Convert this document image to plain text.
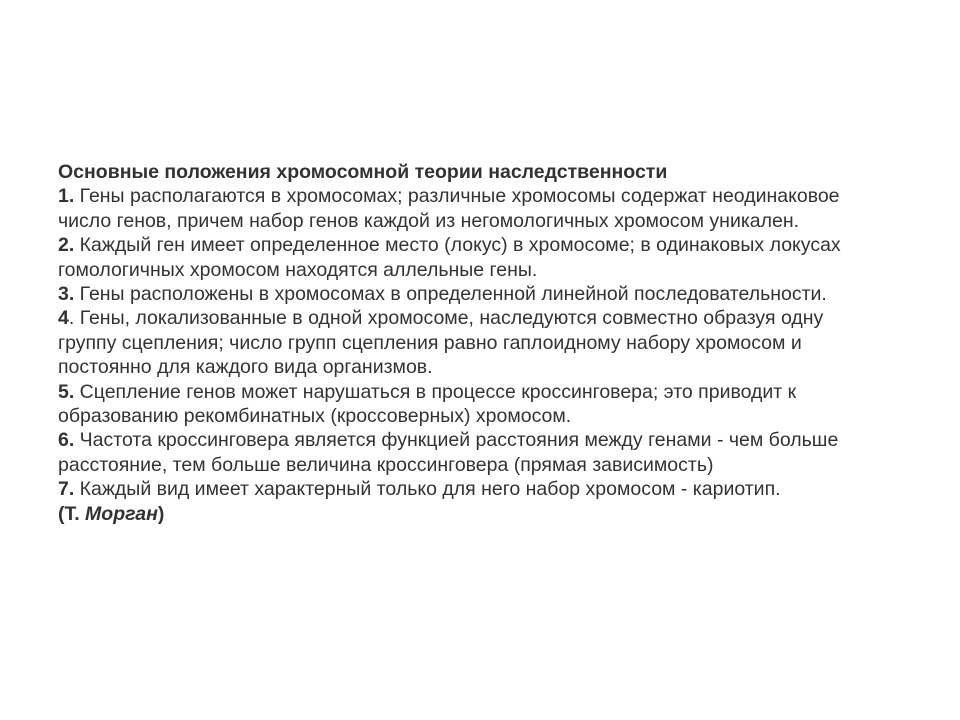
Основные положения хромосомной теории наследственности
1. Гены располагаются в хромосомах; различные хромосомы содержат неодинаковое
число генов, причем набор генов каждой из негомологичных хромосом уникален.
2. Каждый ген имеет определенное место (локус) в хромосоме; в одинаковых локусах
гомологичных хромосом находятся аллельные гены.
3. Гены расположены в хромосомах в определенной линейной последовательности.
4. Гены, локализованные в одной хромосоме, наследуются совместно образуя одну
группу сцепления; число групп сцепления равно гаплоидному набору хромосом и
постоянно для каждого вида организмов.
5. Сцепление генов может нарушаться в процессе кроссинговера; это приводит к
образованию рекомбинатных (кроссоверных) хромосом.
6. Частота кроссинговера является функцией расстояния между генами - чем больше
расстояние, тем больше величина кроссинговера (прямая зависимость)
7. Каждый вид имеет характерный только для него набор хромосом - кариотип.
(Т. Морган)
